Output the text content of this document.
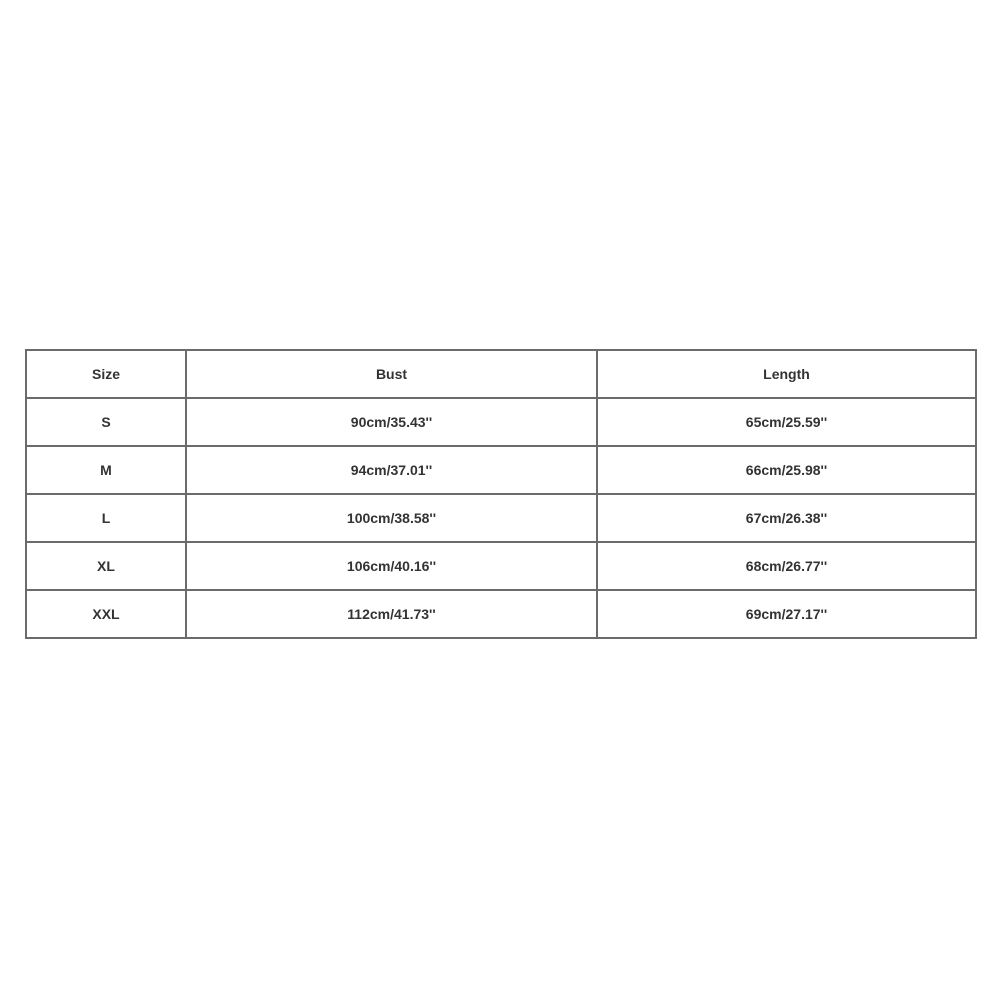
Size	Bust	Length
S	90cm/35.43''	65cm/25.59''
M	94cm/37.01''	66cm/25.98''
L	100cm/38.58''	67cm/26.38''
XL	106cm/40.16''	68cm/26.77''
XXL	112cm/41.73''	69cm/27.17''
